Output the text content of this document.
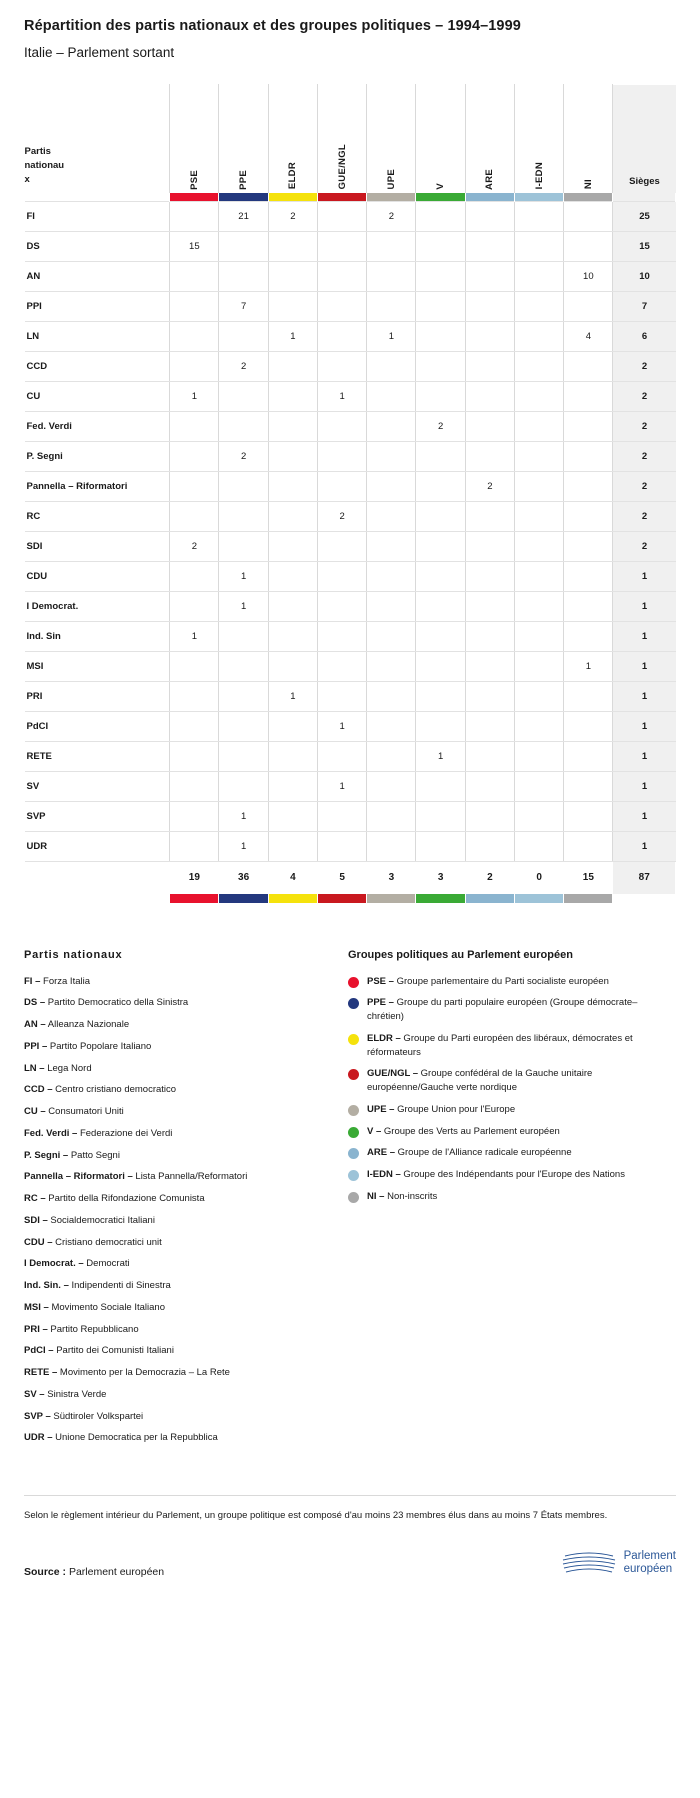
Répartition des partis nationaux et des groupes politiques – 1994–1999
Italie – Parlement sortant
Partis
nationau
x	PSE	PPE	ELDR	GUE/NGL	UPE	V	ARE	I-EDN	NI	Sièges

FI		21	2		2					25
DS	15									15
AN									10	10
PPI		7								7
LN			1		1				4	6
CCD		2								2
CU	1			1						2
Fed. Verdi						2				2
P. Segni		2								2
Pannella – Riformatori							2			2
RC				2						2
SDI	2									2
CDU		1								1
I Democrat.		1								1
Ind. Sin	1									1
MSI									1	1
PRI			1							1
PdCI				1						1
RETE						1				1
SV				1						1
SVP		1								1
UDR		1								1
	19	36	4	5	3	3	2	0	15	87

Partis nationaux
FI – Forza Italia
DS – Partito Democratico della Sinistra
AN – Alleanza Nazionale
PPI – Partito Popolare Italiano
LN – Lega Nord
CCD – Centro cristiano democratico
CU – Consumatori Uniti
Fed. Verdi – Federazione dei Verdi
P. Segni – Patto Segni
Pannella – Riformatori – Lista Pannella/Reformatori
RC – Partito della Rifondazione Comunista
SDI – Socialdemocratici Italiani
CDU – Cristiano democratici unit
I Democrat. – Democrati
Ind. Sin. – Indipendenti di Sinestra
MSI – Movimento Sociale Italiano
PRI – Partito Repubblicano
PdCI – Partito dei Comunisti Italiani
RETE – Movimento per la Democrazia – La Rete
SV – Sinistra Verde
SVP – Südtiroler Volkspartei
UDR – Unione Democratica per la Repubblica
Groupes politiques au Parlement européen
PSE – Groupe parlementaire du Parti socialiste européen
PPE – Groupe du parti populaire européen (Groupe démocrate–chrétien)
ELDR – Groupe du Parti européen des libéraux, démocrates et réformateurs
GUE/NGL – Groupe confédéral de la Gauche unitaire européenne/Gauche verte nordique
UPE – Groupe Union pour l'Europe
V – Groupe des Verts au Parlement européen
ARE – Groupe de l'Alliance radicale européenne
I-EDN – Groupe des Indépendants pour l'Europe des Nations
NI – Non-inscrits
Selon le règlement intérieur du Parlement, un groupe politique est composé d'au moins 23 membres élus dans au moins 7 États membres.
Source : Parlement européen
Parlement
européen
